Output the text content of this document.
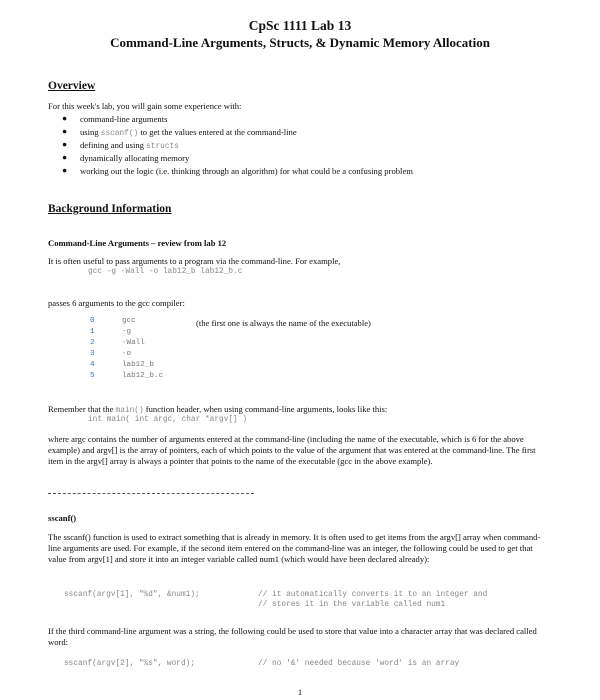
CpSc 1111 Lab 13
Command-Line Arguments, Structs, & Dynamic Memory Allocation
Overview
For this week's lab, you will gain some experience with:
● command-line arguments
● using sscanf() to get the values entered at the command-line
● defining and using structs
● dynamically allocating memory
● working out the logic (i.e. thinking through an algorithm) for what could be a confusing problem
Background Information
Command-Line Arguments – review from lab 12
It is often useful to pass arguments to a program via the command-line. For example,
gcc -g -Wall -o lab12_b lab12_b.c
passes 6 arguments to the gcc compiler:
0	gcc
1	-g
2	-Wall
3	-o
4	lab12_b
5	lab12_b.c
(the first one is always the name of the executable)
Remember that the main() function header, when using command-line arguments, looks like this:
int main( int argc, char *argv[] )
where argc contains the number of arguments entered at the command-line (including the name of the executable, which is 6 for the above example) and argv[] is the array of pointers, each of which points to the value of the argument that was entered at the command-line. The first item in the argv[] array is always a pointer that points to the name of the executable (gcc in the above example).
sscanf()
The sscanf() function is used to extract something that is already in memory. It is often used to get items from the argv[] array when command-line arguments are used. For example, if the second item entered on the command-line was an integer, the following could be used to get that value from argv[1] and store it into an integer variable called num1 (which would have been declared already):
sscanf(argv[1], "%d", &num1);	// it automatically converts it to an integer and
// stores it in the variable called num1
If the third command-line argument was a string, the following could be used to store that value into a character array that was declared called word:
sscanf(argv[2], "%s", word);	// no '&' needed because 'word' is an array
1
